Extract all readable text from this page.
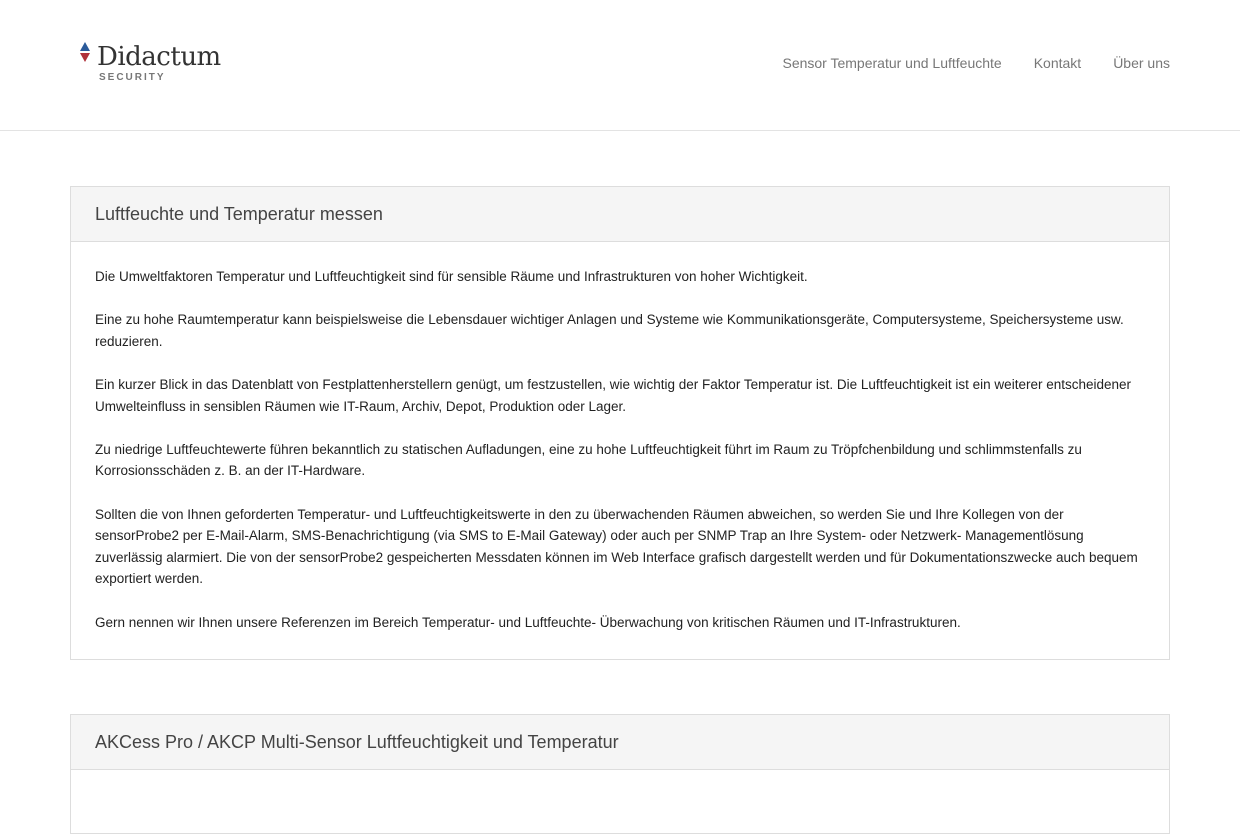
Didactum
SECURITY
Sensor Temperatur und Luftfeuchte Kontakt Über uns
Luftfeuchte und Temperatur messen

Die Umweltfaktoren Temperatur und Luftfeuchtigkeit sind für sensible Räume und Infrastrukturen von hoher Wichtigkeit.

Eine zu hohe Raumtemperatur kann beispielsweise die Lebensdauer wichtiger Anlagen und Systeme wie Kommunikationsgeräte, Computersysteme, Speichersysteme usw. reduzieren.

Ein kurzer Blick in das Datenblatt von Festplattenherstellern genügt, um festzustellen, wie wichtig der Faktor Temperatur ist. Die Luftfeuchtigkeit ist ein weiterer entscheidener Umwelteinfluss in sensiblen Räumen wie IT-Raum, Archiv, Depot, Produktion oder Lager.

Zu niedrige Luftfeuchtewerte führen bekanntlich zu statischen Aufladungen, eine zu hohe Luftfeuchtigkeit führt im Raum zu Tröpfchenbildung und schlimmstenfalls zu Korrosionsschäden z. B. an der IT-Hardware.

Sollten die von Ihnen geforderten Temperatur- und Luftfeuchtigkeitswerte in den zu überwachenden Räumen abweichen, so werden Sie und Ihre Kollegen von der sensorProbe2 per E-Mail-Alarm, SMS-Benachrichtigung (via SMS to E-Mail Gateway) oder auch per SNMP Trap an Ihre System- oder Netzwerk- Managementlösung zuverlässig alarmiert. Die von der sensorProbe2 gespeicherten Messdaten können im Web Interface grafisch dargestellt werden und für Dokumentationszwecke auch bequem exportiert werden.

Gern nennen wir Ihnen unsere Referenzen im Bereich Temperatur- und Luftfeuchte- Überwachung von kritischen Räumen und IT-Infrastrukturen.

AKCess Pro / AKCP Multi-Sensor Luftfeuchtigkeit und Temperatur
